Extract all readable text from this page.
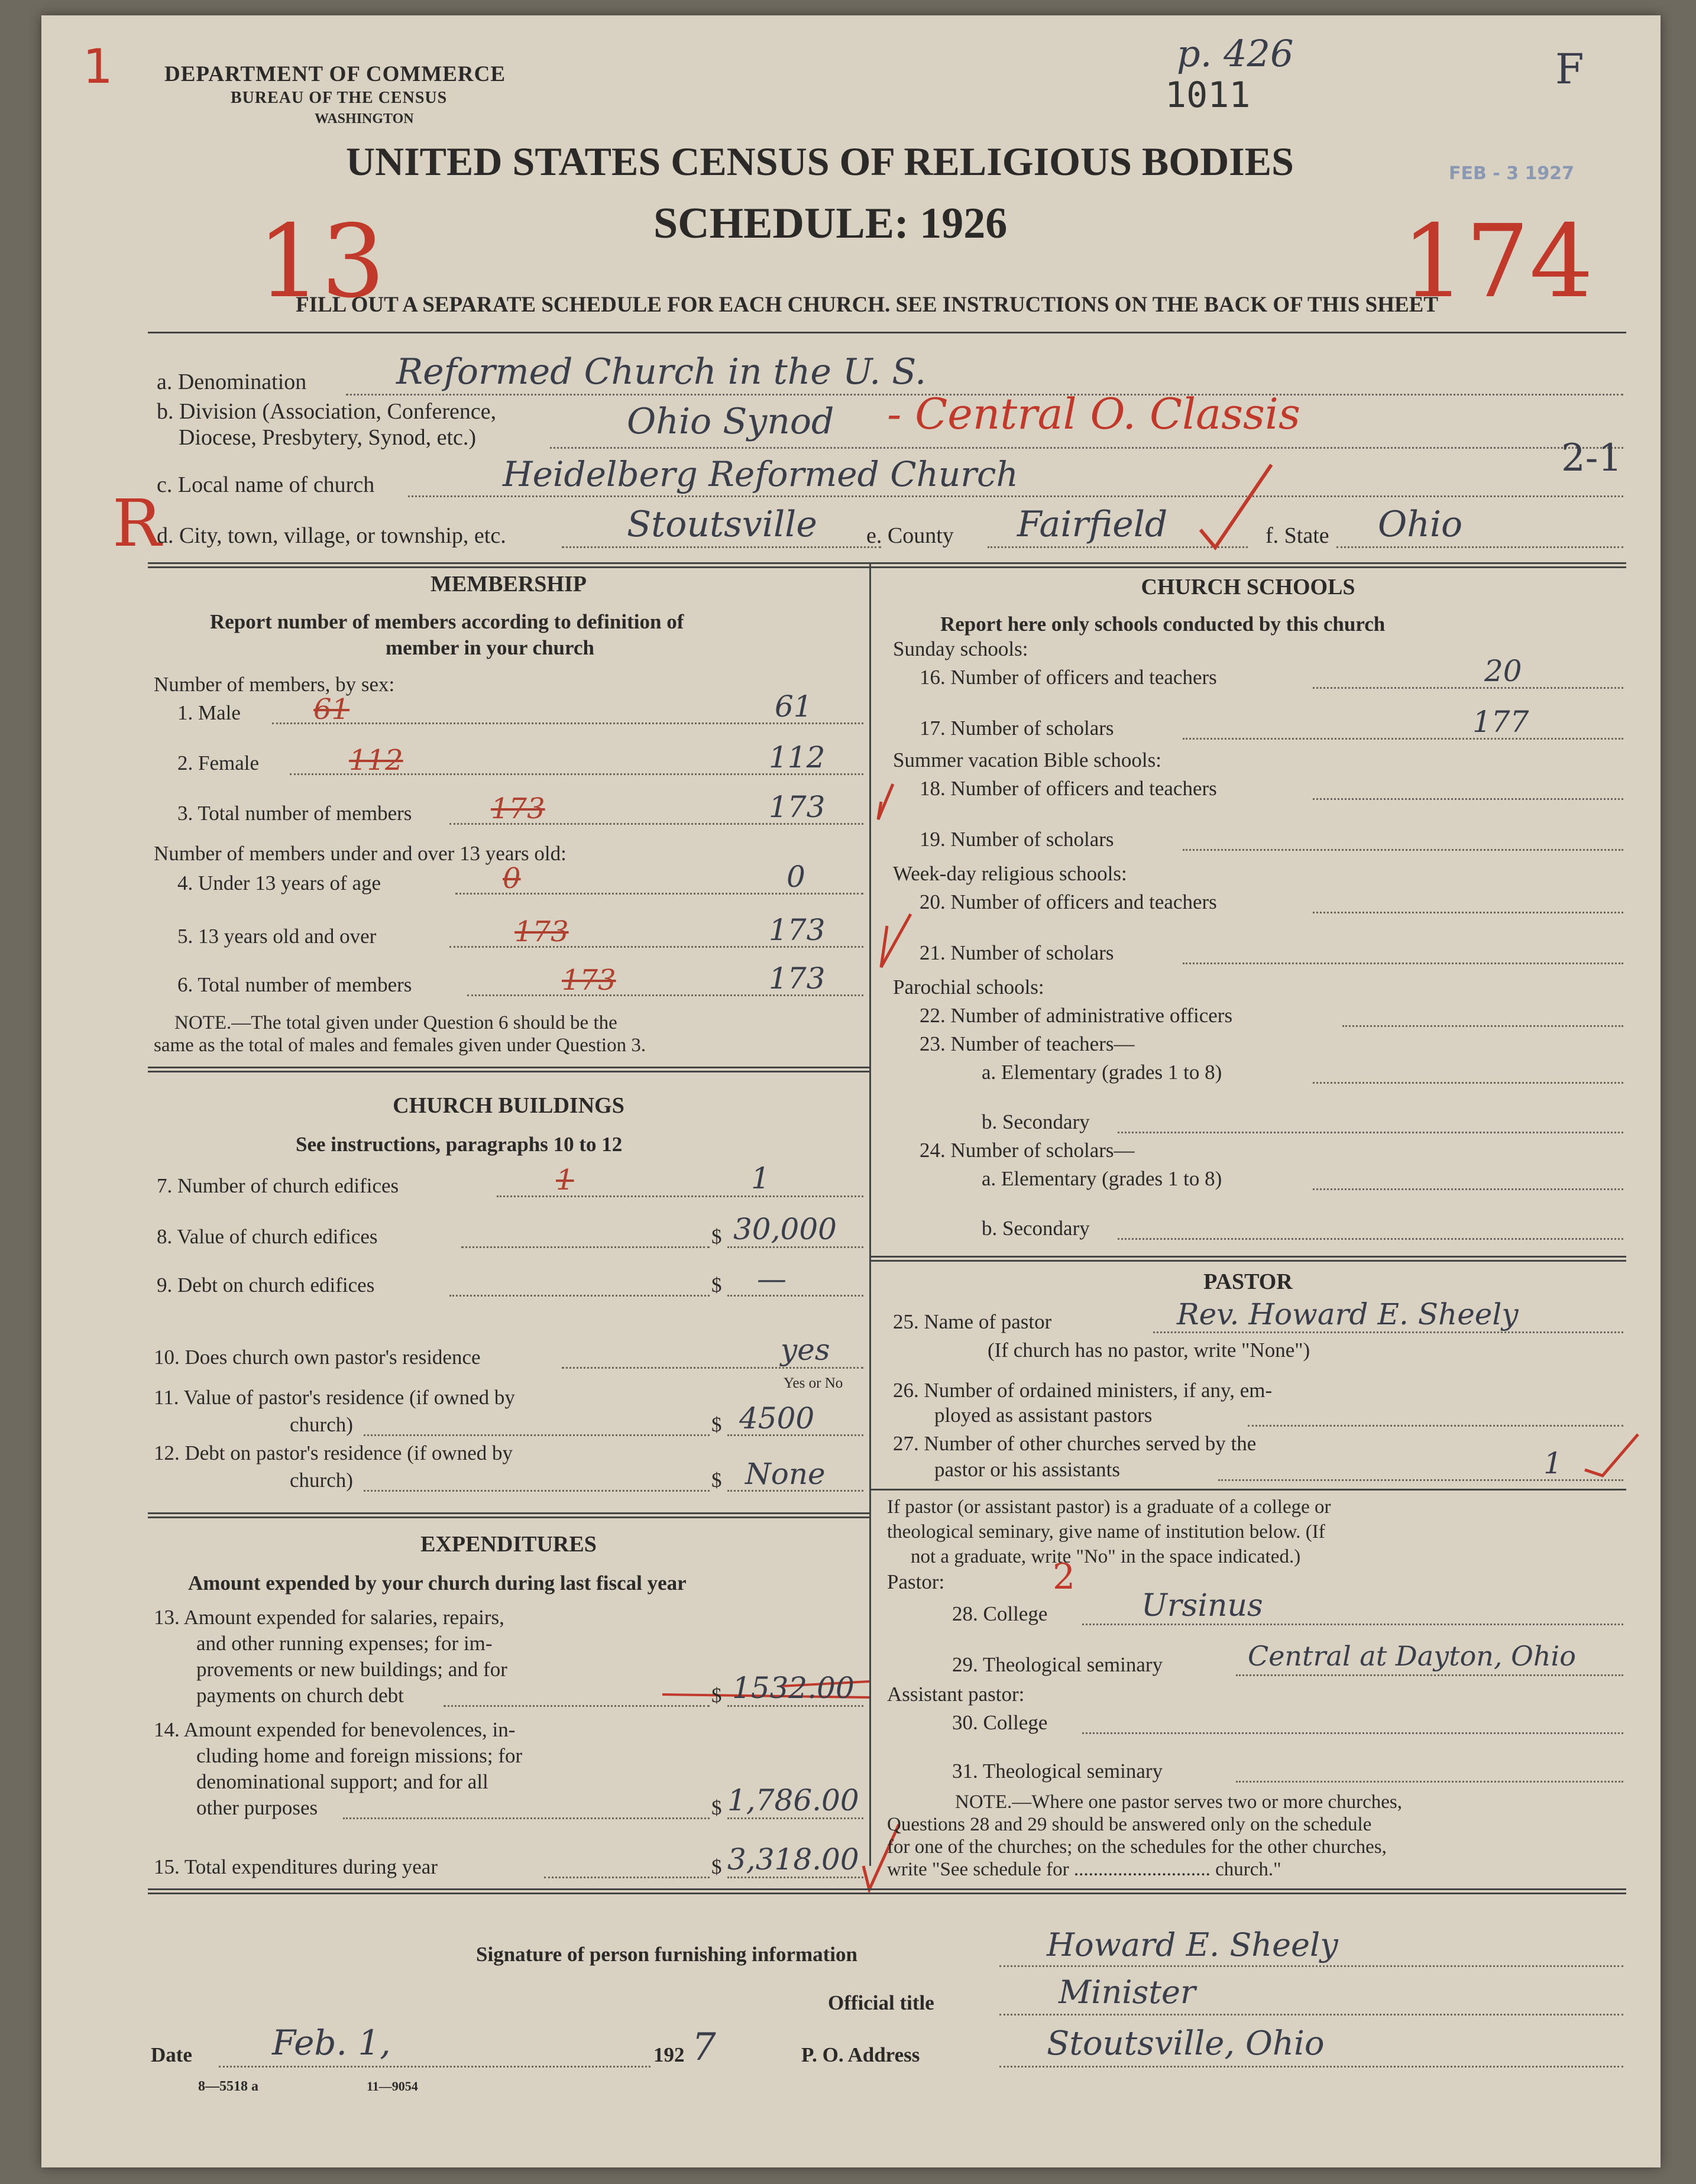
1 DEPARTMENT OF COMMERCE
BUREAU OF THE CENSUS
WASHINGTON
p. 426
1011
F
FEB - 3 1927
UNITED STATES CENSUS OF RELIGIOUS BODIES
SCHEDULE: 1926
13	174
FILL OUT A SEPARATE SCHEDULE FOR EACH CHURCH. SEE INSTRUCTIONS ON THE BACK OF THIS SHEET
a. Denomination	Reformed Church in the U. S.
b. Division (Association, Conference,
Diocese, Presbytery, Synod, etc.)	Ohio Synod - Central O. Classis
2-1
c. Local name of church	Heidelberg Reformed Church
R
d. City, town, village, or township, etc.	Stoutsville e. County Fairfield	f. State Ohio
MEMBERSHIP
Report number of members according to definition of
member in your church
Number of members, by sex:
1. Male	61	61
2. Female	112	112
3. Total number of members	173	173
Number of members under and over 13 years old:
4. Under 13 years of age	0	0
5. 13 years old and over	173	173
6. Total number of members	173	173
NOTE.—The total given under Question 6 should be the
same as the total of males and females given under Question 3.
CHURCH BUILDINGS
See instructions, paragraphs 10 to 12
7. Number of church edifices	1	1
8. Value of church edifices	$ 30,000
9. Debt on church edifices	$ —
10. Does church own pastor's residence	yes
Yes or No
11. Value of pastor's residence (if owned by
church)	$ 4500
12. Debt on pastor's residence (if owned by
church)	$ None
EXPENDITURES
Amount expended by your church during last fiscal year
13. Amount expended for salaries, repairs,
and other running expenses; for im-
provements or new buildings; and for
payments on church debt	$ 1532.00
14. Amount expended for benevolences, in-
cluding home and foreign missions; for
denominational support; and for all
other purposes	$ 1,786.00
15. Total expenditures during year	$ 3,318.00
CHURCH SCHOOLS
Report here only schools conducted by this church
Sunday schools:
16. Number of officers and teachers	20
17. Number of scholars	177
Summer vacation Bible schools:
18. Number of officers and teachers
19. Number of scholars
Week-day religious schools:
20. Number of officers and teachers
21. Number of scholars
Parochial schools:
22. Number of administrative officers
23. Number of teachers—
a. Elementary (grades 1 to 8)
b. Secondary
24. Number of scholars—
a. Elementary (grades 1 to 8)
b. Secondary
PASTOR
25. Name of pastor	Rev. Howard E. Sheely
(If church has no pastor, write "None")
26. Number of ordained ministers, if any, em-
ployed as assistant pastors
27. Number of other churches served by the
pastor or his assistants	1
If pastor (or assistant pastor) is a graduate of a college or
theological seminary, give name of institution below. (If
not a graduate, write "No" in the space indicated.)
2
Pastor:
28. College	Ursinus
29. Theological seminary	Central at Dayton, Ohio
Assistant pastor:
30. College
31. Theological seminary
NOTE.—Where one pastor serves two or more churches,
Questions 28 and 29 should be answered only on the schedule
for one of the churches; on the schedules for the other churches,
write "See schedule for ............................ church."
Signature of person furnishing information	Howard E. Sheely
Official title	Minister
Date Feb. 1,	192 7	P. O. Address	Stoutsville, Ohio
8—5518 a	11—9054
